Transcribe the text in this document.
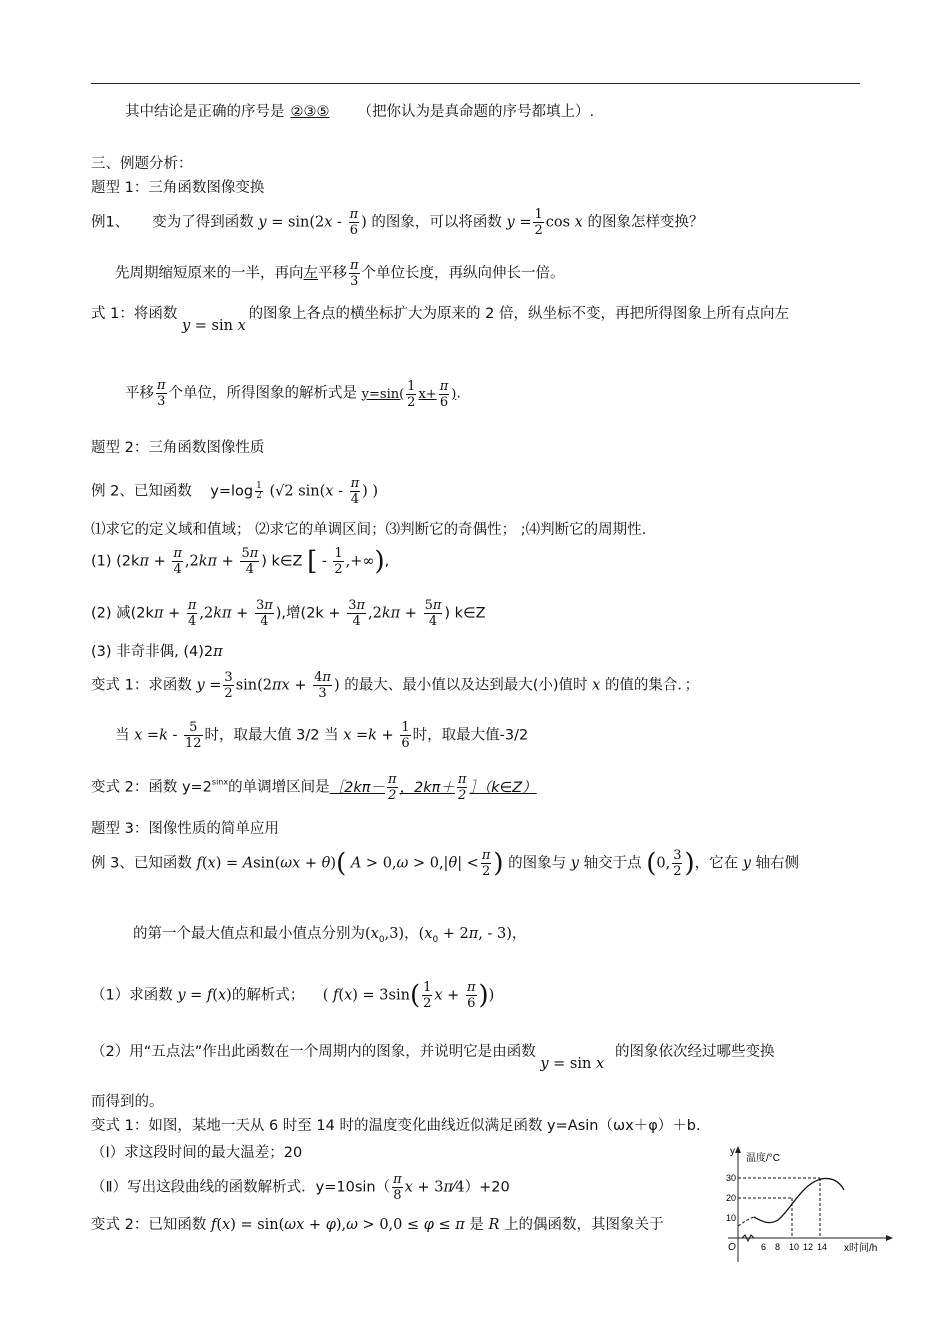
其中结论是正确的序号是 ②③⑤ （把你认为是真命题的序号都填上）.
三、例题分析：
题型 1：三角函数图像变换
例1、 变为了得到函数 $y = \sin(2x - \frac{\pi}{6}$ ) 的图象，可以将函数 $y = \frac{1}{2}$ cos x 的图象怎样变换？
先周期缩短原来的一半，再向左平移 $\frac{\pi}{3}$ 个单位长度，再纵向伸长一倍。
式 1：将函数 y = sin x 的图象上各点的横坐标扩大为原来的 2 倍，纵坐标不变，再把所得图象上所有点向左
平移 $\frac{\pi}{3}$ 个单位，所得图象的解析式是 $y=\sin( \frac{1}{2} x+ \frac{\pi}{6}$ ).
题型 2：三角函数图像性质
例 2、已知函数 $y=\log \frac{1}{2} (√2$ $\sin(x - \frac{\pi}{4}$ ) )
⑴求它的定义域和值域； ⑵求它的单调区间；⑶判断它的奇偶性； ;⑷判断它的周期性.
(1) ($2k\pi + \frac{\pi}{4} ,2k\pi + \frac{5\pi}{4}$ ) k∈Z [ - $\frac{1}{2}$ ,+∞),
(2) 减($2k\pi + \frac{\pi}{4} ,2k\pi + \frac{3\pi}{4}$ ),增($2k + \frac{3\pi}{4} ,2k\pi + \frac{5\pi}{4}$ ) k∈Z
(3) 非奇非偶, (4)2π
变式 1：求函数 $y = \frac{3}{2} \sin(2\pi x + \frac{4\pi}{3}$ ) 的最大、最小值以及达到最大(小)值时 x 的值的集合．；
当 $x =k - \frac{5}{12}$ 时，取最大值 3/2 当 $x =k + \frac{1}{6}$ 时，取最大值-3/2
变式 2：函数 $y=2^{sinx}$的单调增区间是［2kπ－ $\frac{\pi}{2}$ ，$2k\pi+ \frac{\pi}{2}$ ］（k∈Z）
题型 3：图像性质的简单应用
例 3、已知函数 f(x) = Asin(ωx + θ)( $A > 0,\omega > 0,|\theta| < \frac{\pi}{2}$ ) 的图象与 y 轴交于点 (0, $\frac{3}{2}$ )，它在 y 轴右侧
的第一个最大值点和最小值点分别为$(x_0,3)$，($x_0 + 2\pi$, - 3)，
（1）求函数 y = f(x)的解析式； ( $f(x) = 3\sin( \frac{1}{2}$ $x + \frac{\pi}{6}$ ))
（2）用“五点法”作出此函数在一个周期内的图象，并说明它是由函数 y = sin x 的图象依次经过哪些变换
而得到的。
变式 1：如图，某地一天从 6 时至 14 时的温度变化曲线近似满足函数 y=Asin（ωx＋φ）＋b.
（Ⅰ）求这段时间的最大温差；20
（Ⅱ）写出这段曲线的函数解析式．$y=10\sin( \frac{\pi}{8}$ x + 3π⁄4）+20
变式 2：已知函数 f(x) = sin(ωx + φ),ω > 0,0 ≤ φ ≤ π 是 R 上的偶函数，其图象关于
y
温度/°C
x时间/h
O
10
20
30
6 8 10 12 14
